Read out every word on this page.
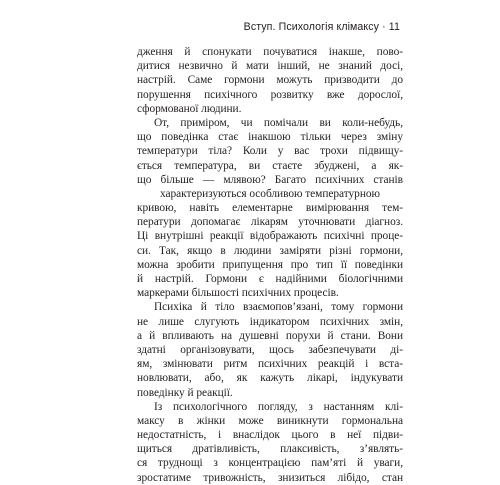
Вступ. Психологія клімаксу · 11
дження й спонукати почуватися інакше, пово-
дитися незвично й мати інший, не знаний досі,
настрій. Саме гормони можуть призводити до
порушення психічного розвитку вже дорослої,
сформованої людини.
От, приміром, чи помічали ви коли-небудь,
що поведінка стає інакшою тільки через зміну
температури тіла? Коли у вас трохи підвищу-
ється температура, ви стаєте збуджені, а як-
що більше — млявою? Багато психічних станів
характеризуються особливою температурною
кривою, навіть елементарне вимірювання тем-
ператури допомагає лікарям уточнювати діагноз.
Ці внутрішні реакції відображають психічні проце-
си. Так, якщо в людини заміряти різні гормони,
можна зробити припущення про тип її поведінки
й настрій. Гормони є надійними біологічними
маркерами більшості психічних процесів.
Психіка й тіло взаємопов’язані, тому гормони
не лише слугують індикатором психічних змін,
а й впливають на душевні порухи й стани. Вони
здатні організовувати, щось забезпечувати ді-
ям, змінювати ритм психічних реакцій і вста-
новлювати, або, як кажуть лікарі, індукувати
поведінку й реакції.
Із психологічного погляду, з настанням клі-
максу в жінки може виникнути гормональна
недостатність, і внаслідок цього в неї підви-
щиться дратівливість, плаксивість, з’являть-
ся труднощі з концентрацією пам’яті й уваги,
зростатиме тривожність, знизиться лібідо, стан
